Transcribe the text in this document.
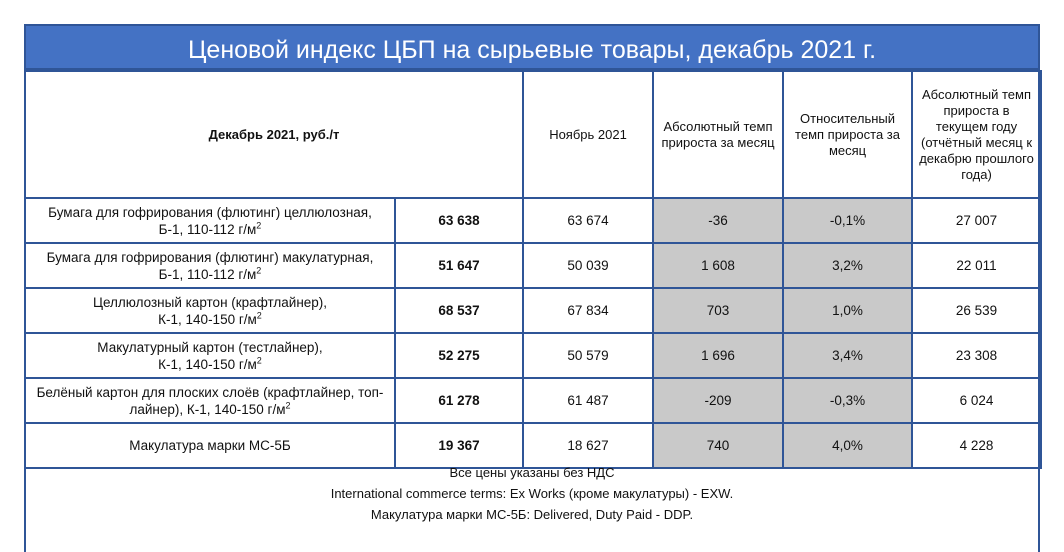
Ценовой индекс ЦБП на сырьевые товары, декабрь 2021 г.
Декабрь 2021, руб./т		Ноябрь 2021	Абсолютный темп прироста за месяц	Относительный темп прироста за месяц	Абсолютный темп прироста в текущем году (отчётный месяц к декабрю прошлого года)
Бумага для гофрирования (флютинг) целлюлозная,
Б-1, 110-112 $г/м^2$	63 638	63 674	-36	-0,1%	27 007
Бумага для гофрирования (флютинг) макулатурная,
Б-1, 110-112 $г/м^2$	51 647	50 039	1 608	3,2%	22 011
Целлюлозный картон (крафтлайнер),
К-1, 140-150 $г/м^2$	68 537	67 834	703	1,0%	26 539
Макулатурный картон (тестлайнер),
К-1, 140-150 $г/м^2$	52 275	50 579	1 696	3,4%	23 308
Белёный картон для плоских слоёв (крафтлайнер, топ-
лайнер), К-1, 140-150 $г/м^2$	61 278	61 487	-209	-0,3%	6 024
Макулатура марки МС-5Б	19 367	18 627	740	4,0%	4 228
Все цены указаны без НДС
International commerce terms: Ex Works (кроме макулатуры) - EXW.
Макулатура марки МС-5Б: Delivered, Duty Paid - DDP.
